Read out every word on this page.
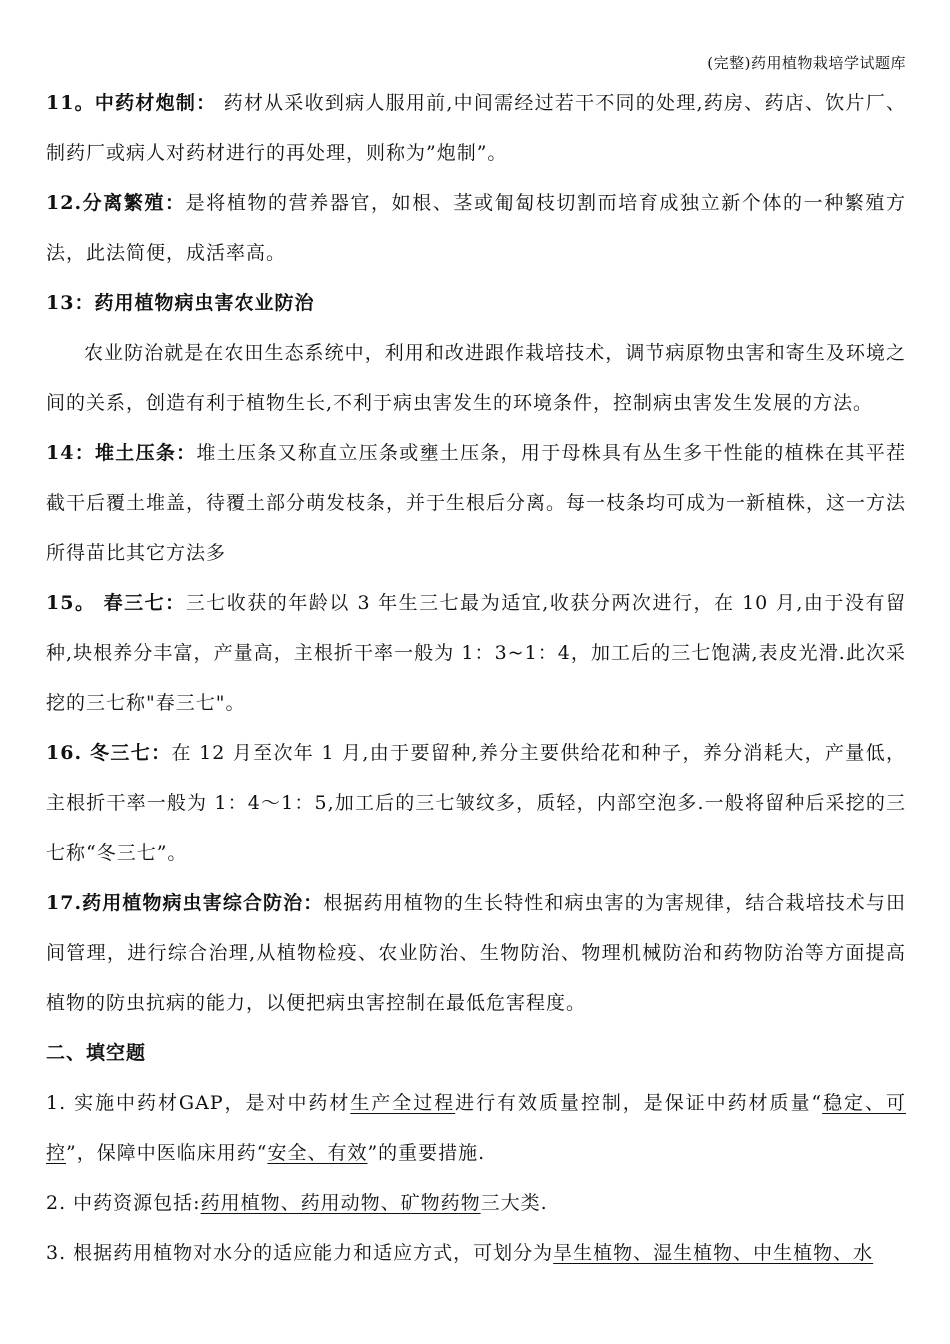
(完整)药用植物栽培学试题库

11。中药材炮制： 药材从采收到病人服用前,中间需经过若干不同的处理,药房、药店、饮片厂、制药厂或病人对药材进行的再处理，则称为”炮制”。

12.分离繁殖：是将植物的营养器官，如根、茎或匍匐枝切割而培育成独立新个体的一种繁殖方法，此法简便，成活率高。

13：药用植物病虫害农业防治

农业防治就是在农田生态系统中，利用和改进跟作栽培技术，调节病原物虫害和寄生及环境之间的关系，创造有利于植物生长,不利于病虫害发生的环境条件，控制病虫害发生发展的方法。

14：堆土压条：堆土压条又称直立压条或壅土压条，用于母株具有丛生多干性能的植株在其平茬截干后覆土堆盖，待覆土部分萌发枝条，并于生根后分离。每一枝条均可成为一新植株，这一方法所得苗比其它方法多

15。 春三七：三七收获的年龄以 3 年生三七最为适宜,收获分两次进行，在 10 月,由于没有留种,块根养分丰富，产量高，主根折干率一般为 1：3~1：4，加工后的三七饱满,表皮光滑.此次采挖的三七称"春三七"。

16. 冬三七：在 12 月至次年 1 月,由于要留种,养分主要供给花和种子，养分消耗大，产量低，主根折干率一般为 1：4～1：5,加工后的三七皱纹多，质轻，内部空泡多.一般将留种后采挖的三七称“冬三七”。

17.药用植物病虫害综合防治：根据药用植物的生长特性和病虫害的为害规律，结合栽培技术与田间管理，进行综合治理,从植物检疫、农业防治、生物防治、物理机械防治和药物防治等方面提高植物的防虫抗病的能力，以便把病虫害控制在最低危害程度。

二、填空题

1. 实施中药材GAP，是对中药材生产全过程进行有效质量控制，是保证中药材质量“稳定、可控”，保障中医临床用药“安全、有效”的重要措施.

2. 中药资源包括:药用植物、药用动物、矿物药物三大类.

3. 根据药用植物对水分的适应能力和适应方式，可划分为旱生植物、湿生植物、中生植物、水
